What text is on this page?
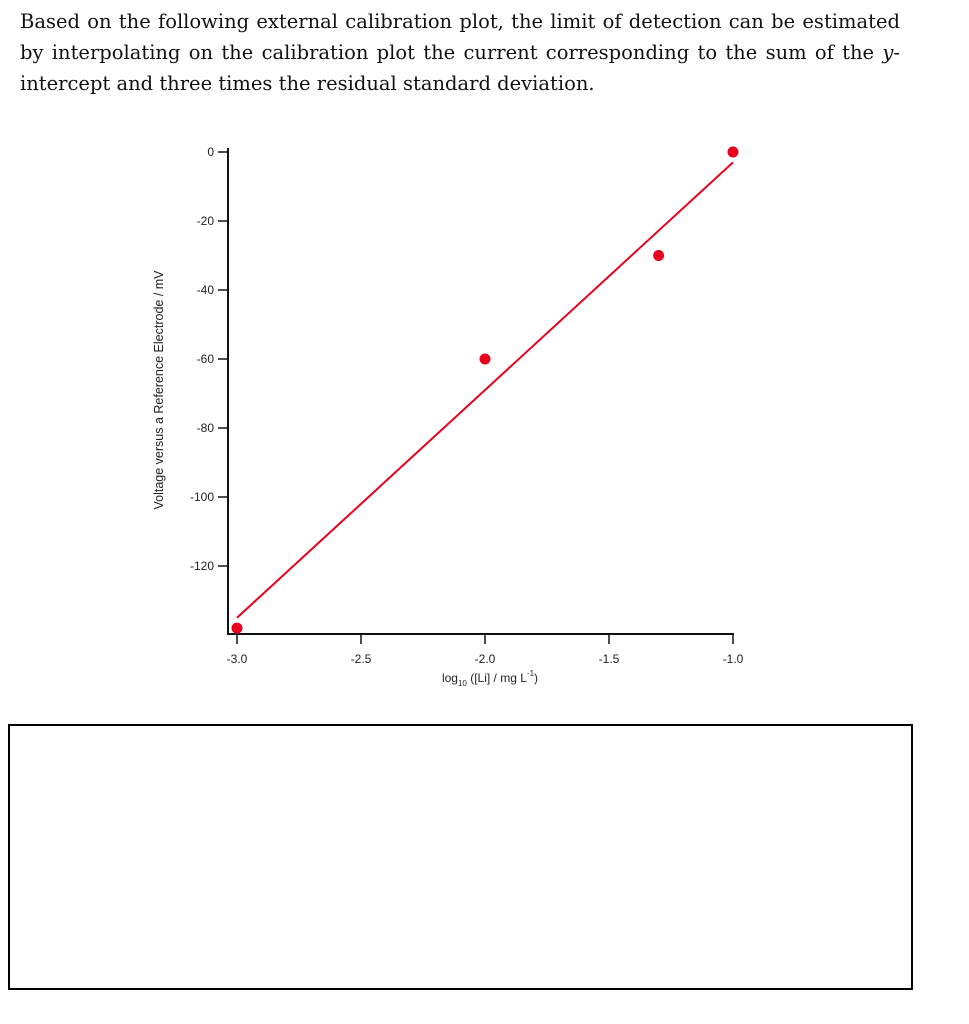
Based on the following external calibration plot, the limit of detection can be estimated by interpolating on the calibration plot the current corresponding to the sum of the y-intercept and three times the residual standard deviation.
-3.0	-2.5	-2.0	-1.5	-1.0
0
-20
-40
-60
-80
-100
-120
Voltage versus a Reference Electrode / mV
$\log_{10} ([Li]$ / mg $L^{-1}$)
